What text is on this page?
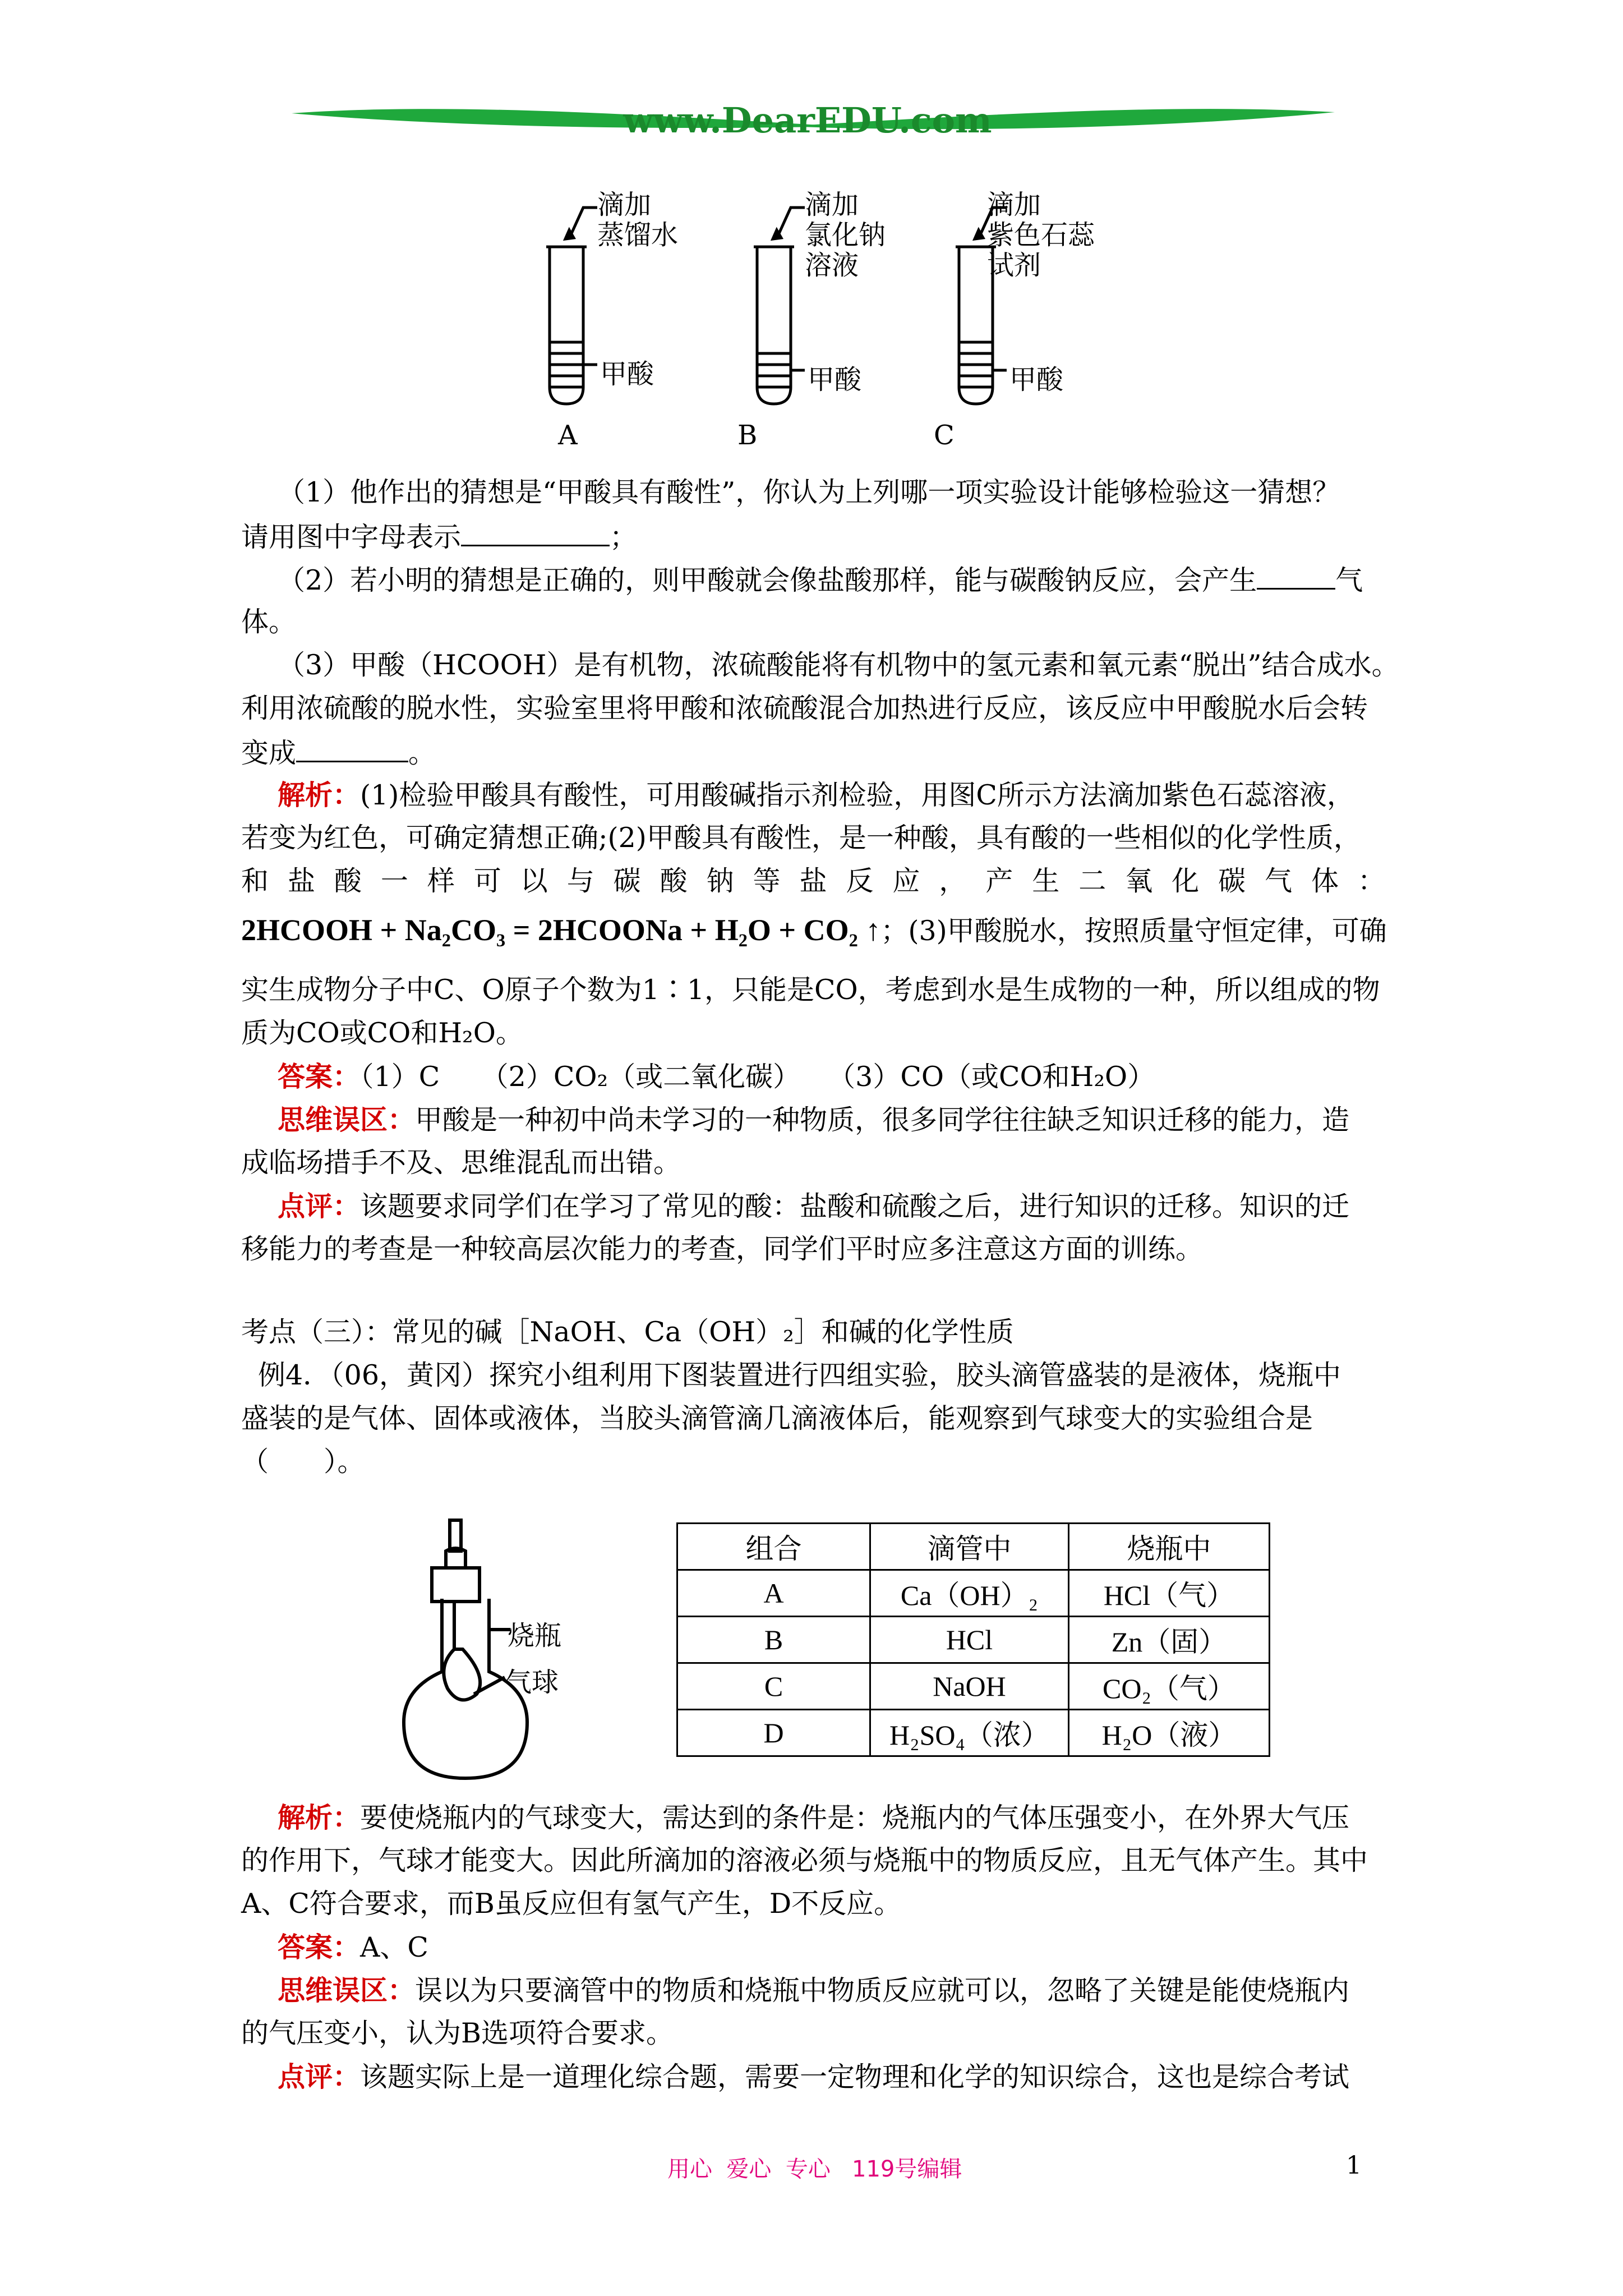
www.DearEDU.com
滴加
蒸馏水
甲酸
A
滴加
氯化钠
溶液
甲酸
B
滴加
紫色石蕊
试剂
甲酸
C
（1）他作出的猜想是“甲酸具有酸性”，你认为上列哪一项实验设计能够检验这一猜想？
请用图中字母表示	；
（2）若小明的猜想是正确的，则甲酸就会像盐酸那样，能与碳酸钠反应，会产生	气
体。
（3）甲酸（HCOOH）是有机物，浓硫酸能将有机物中的氢元素和氧元素“脱出”结合成水。
利用浓硫酸的脱水性，实验室里将甲酸和浓硫酸混合加热进行反应，该反应中甲酸脱水后会转
变成	。
解析：(1)检验甲酸具有酸性，可用酸碱指示剂检验，用图C所示方法滴加紫色石蕊溶液，
若变为红色，可确定猜想正确;(2)甲酸具有酸性，是一种酸，具有酸的一些相似的化学性质，
和盐酸一样可以与碳酸钠等盐反应，产生二氧化碳气体：
2HCOOH + Na₂CO₃ = 2HCOONa + H₂O + CO₂ ↑；(3)甲酸脱水，按照质量守恒定律，可确
实生成物分子中C、O原子个数为1∶1，只能是CO，考虑到水是生成物的一种，所以组成的物
质为CO或CO和H₂O。
答案：（1）C　　（2）CO₂（或二氧化碳）　　（3）CO（或CO和H₂O）
思维误区：甲酸是一种初中尚未学习的一种物质，很多同学往往缺乏知识迁移的能力，造
成临场措手不及、思维混乱而出错。
点评：该题要求同学们在学习了常见的酸：盐酸和硫酸之后，进行知识的迁移。知识的迁
移能力的考查是一种较高层次能力的考查，同学们平时应多注意这方面的训练。
考点（三）：常见的碱［NaOH、Ca（OH）₂］和碱的化学性质
例4．（06，黄冈）探究小组利用下图装置进行四组实验，胶头滴管盛装的是液体，烧瓶中
盛装的是气体、固体或液体，当胶头滴管滴几滴液体后，能观察到气球变大的实验组合是
（　　）。
烧瓶
气球
组合	滴管中	烧瓶中
A	Ca（OH）₂	HCl（气）
B	HCl	Zn（固）
C	NaOH	CO₂（气）
D	H₂SO₄（浓）	H₂O（液）
解析：要使烧瓶内的气球变大，需达到的条件是：烧瓶内的气体压强变小，在外界大气压
的作用下，气球才能变大。因此所滴加的溶液必须与烧瓶中的物质反应，且无气体产生。其中
A、C符合要求，而B虽反应但有氢气产生，D不反应。
答案：A、C
思维误区：误以为只要滴管中的物质和烧瓶中物质反应就可以，忽略了关键是能使烧瓶内
的气压变小，认为B选项符合要求。
点评：该题实际上是一道理化综合题，需要一定物理和化学的知识综合，这也是综合考试
用心  爱心  专心   119号编辑	1
